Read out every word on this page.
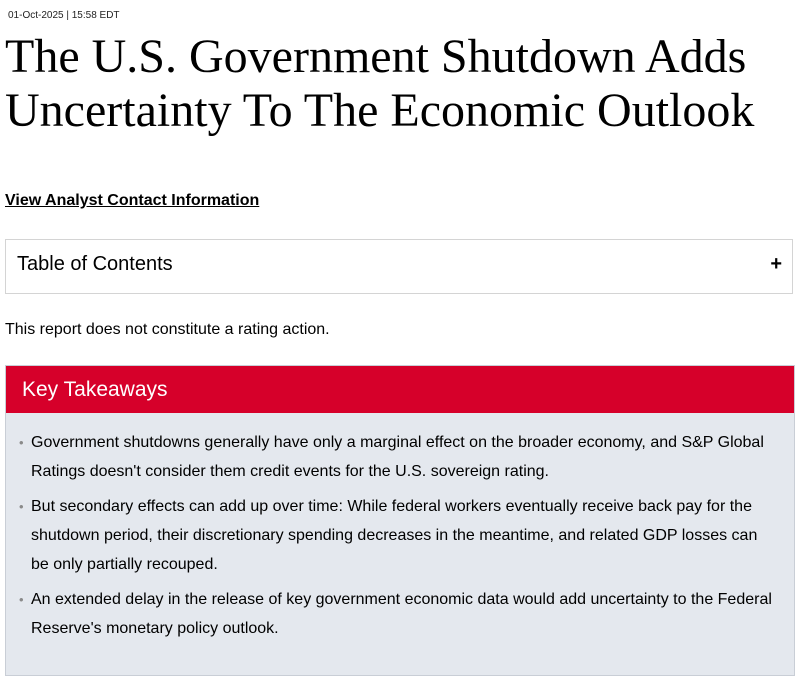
01-Oct-2025 | 15:58 EDT
The U.S. Government Shutdown Adds Uncertainty To The Economic Outlook
View Analyst Contact Information
Table of Contents	+
This report does not constitute a rating action.
Key Takeaways
• Government shutdowns generally have only a marginal effect on the broader economy, and S&P Global Ratings doesn't consider them credit events for the U.S. sovereign rating.
• But secondary effects can add up over time: While federal workers eventually receive back pay for the shutdown period, their discretionary spending decreases in the meantime, and related GDP losses can be only partially recouped.
• An extended delay in the release of key government economic data would add uncertainty to the Federal Reserve's monetary policy outlook.
